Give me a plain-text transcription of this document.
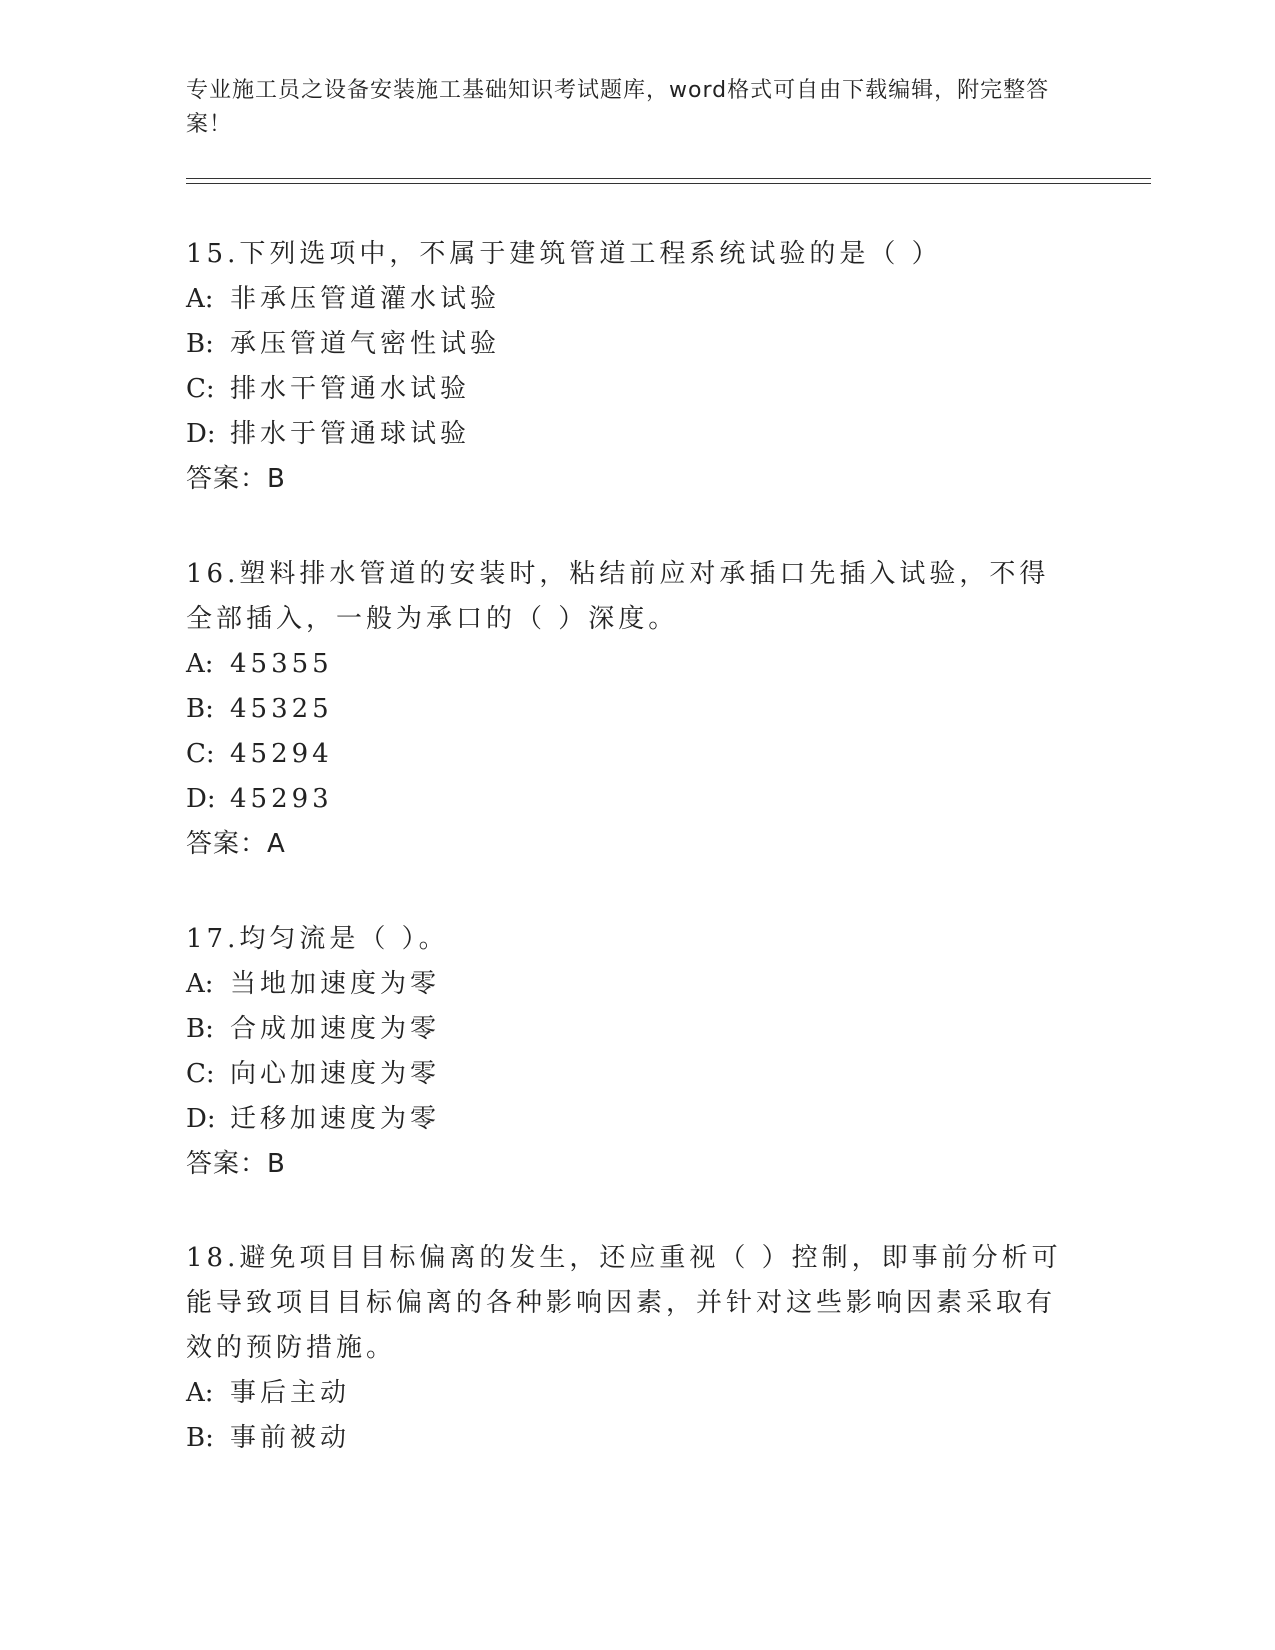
专业施工员之设备安装施工基础知识考试题库，word格式可自由下载编辑，附完整答案！

15.下列选项中，不属于建筑管道工程系统试验的是（ ）

A: 非承压管道灌水试验

B: 承压管道气密性试验

C: 排水干管通水试验

D: 排水于管通球试验

答案：B

16.塑料排水管道的安装时，粘结前应对承插口先插入试验，不得全部插入，一般为承口的（ ）深度。

A: 45355

B: 45325

C: 45294

D: 45293

答案：A

17.均匀流是（ ）。

A: 当地加速度为零

B: 合成加速度为零

C: 向心加速度为零

D: 迁移加速度为零

答案：B

18.避免项目目标偏离的发生，还应重视（ ）控制，即事前分析可能导致项目目标偏离的各种影响因素，并针对这些影响因素采取有效的预防措施。

A: 事后主动

B: 事前被动
